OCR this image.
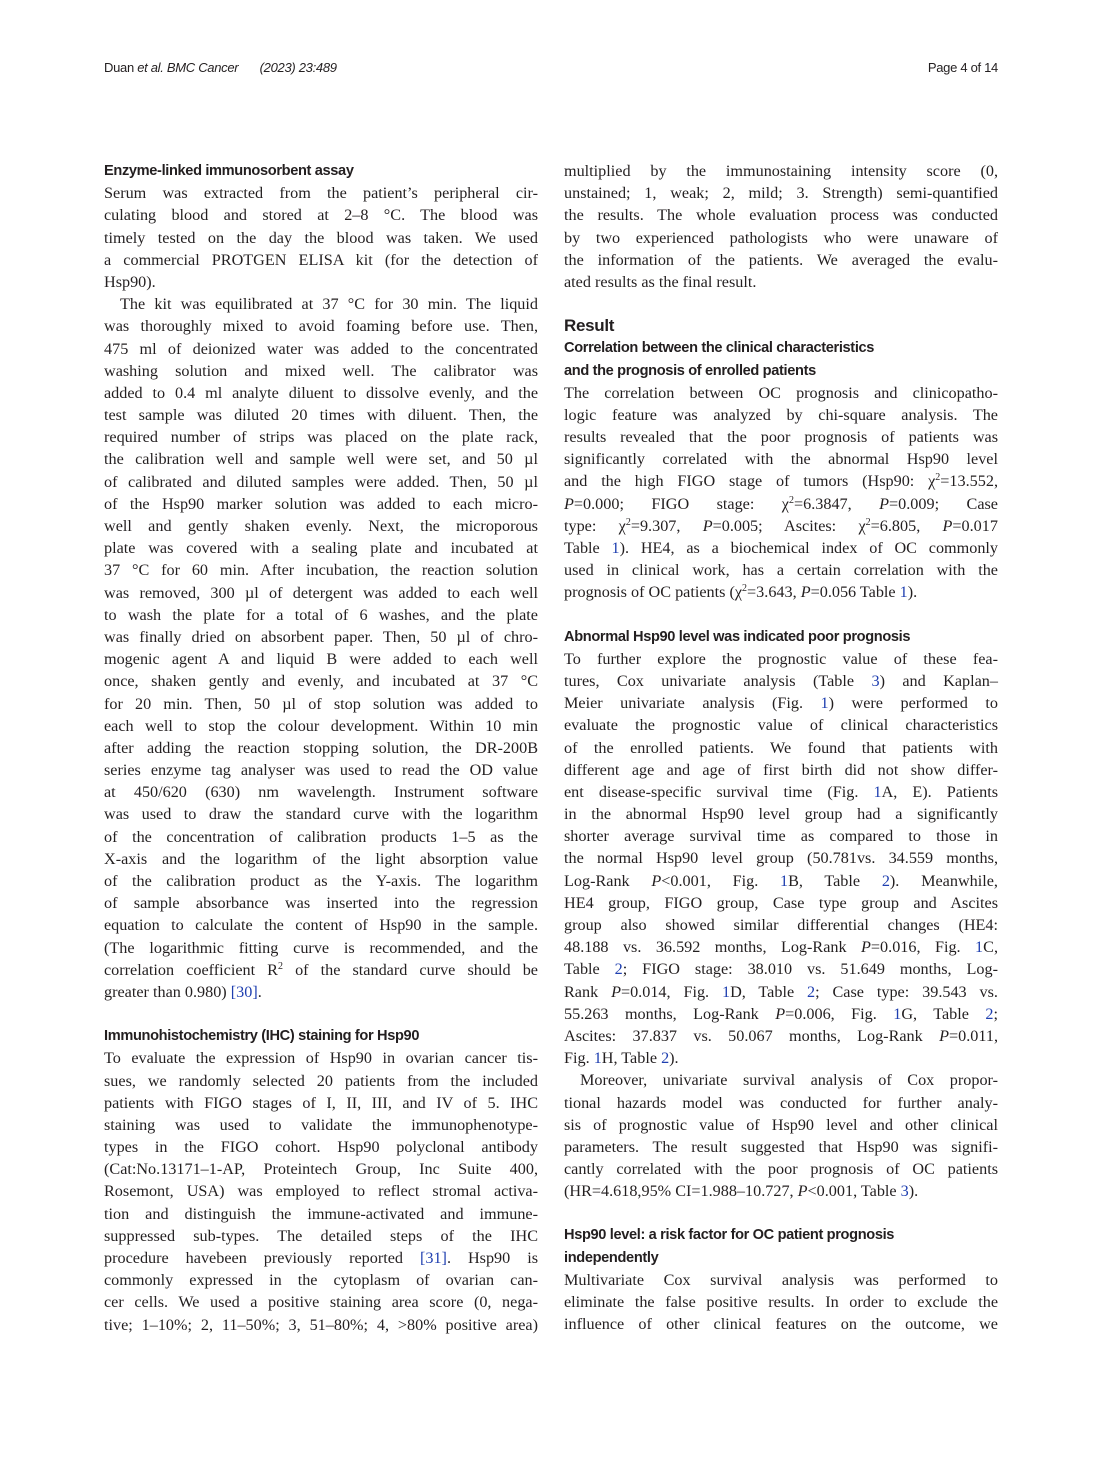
Duan et al. BMC Cancer (2023) 23:489	Page 4 of 14
Enzyme-linked immunosorbent assay
Serum was extracted from the patient’s peripheral cir-
culating blood and stored at 2–8 °C. The blood was
timely tested on the day the blood was taken. We used
a commercial PROTGEN ELISA kit (for the detection of
Hsp90).
The kit was equilibrated at 37 °C for 30 min. The liquid
was thoroughly mixed to avoid foaming before use. Then,
475 ml of deionized water was added to the concentrated
washing solution and mixed well. The calibrator was
added to 0.4 ml analyte diluent to dissolve evenly, and the
test sample was diluted 20 times with diluent. Then, the
required number of strips was placed on the plate rack,
the calibration well and sample well were set, and 50 µl
of calibrated and diluted samples were added. Then, 50 µl
of the Hsp90 marker solution was added to each micro-
well and gently shaken evenly. Next, the microporous
plate was covered with a sealing plate and incubated at
37 °C for 60 min. After incubation, the reaction solution
was removed, 300 µl of detergent was added to each well
to wash the plate for a total of 6 washes, and the plate
was finally dried on absorbent paper. Then, 50 µl of chro-
mogenic agent A and liquid B were added to each well
once, shaken gently and evenly, and incubated at 37 °C
for 20 min. Then, 50 µl of stop solution was added to
each well to stop the colour development. Within 10 min
after adding the reaction stopping solution, the DR-200B
series enzyme tag analyser was used to read the OD value
at 450/620 (630) nm wavelength. Instrument software
was used to draw the standard curve with the logarithm
of the concentration of calibration products 1–5 as the
X-axis and the logarithm of the light absorption value
of the calibration product as the Y-axis. The logarithm
of sample absorbance was inserted into the regression
equation to calculate the content of Hsp90 in the sample.
(The logarithmic fitting curve is recommended, and the
correlation coefficient $R^2$ of the standard curve should be
greater than 0.980) [30].
Immunohistochemistry (IHC) staining for Hsp90
To evaluate the expression of Hsp90 in ovarian cancer tis-
sues, we randomly selected 20 patients from the included
patients with FIGO stages of I, II, III, and IV of 5. IHC
staining was used to validate the immunophenotype-
types in the FIGO cohort. Hsp90 polyclonal antibody
(Cat:No.13171–1-AP, Proteintech Group, Inc Suite 400,
Rosemont, USA) was employed to reflect stromal activa-
tion and distinguish the immune-activated and immune-
suppressed sub-types. The detailed steps of the IHC
procedure havebeen previously reported [31]. Hsp90 is
commonly expressed in the cytoplasm of ovarian can-
cer cells. We used a positive staining area score (0, nega-
tive; 1–10%; 2, 11–50%; 3, 51–80%; 4, >80% positive area)
multiplied by the immunostaining intensity score (0,
unstained; 1, weak; 2, mild; 3. Strength) semi-quantified
the results. The whole evaluation process was conducted
by two experienced pathologists who were unaware of
the information of the patients. We averaged the evalu-
ated results as the final result.
Result
Correlation between the clinical characteristics
and the prognosis of enrolled patients
The correlation between OC prognosis and clinicopatho-
logic feature was analyzed by chi-square analysis. The
results revealed that the poor prognosis of patients was
significantly correlated with the abnormal Hsp90 level
and the high FIGO stage of tumors (Hsp90: $\chi^2=13.552$,
P=0.000;  FIGO  stage:  $\chi^2=6.3847$,  P=0.009;  Case
type: $\chi^2=9.307$, P=0.005; Ascites: $\chi^2=6.805$, P=0.017
Table 1). HE4, as a biochemical index of OC commonly
used in clinical work, has a certain correlation with the
prognosis of OC patients ($\chi^2=3.643$, P=0.056 Table 1).
Abnormal Hsp90 level was indicated poor prognosis
To further explore the prognostic value of these fea-
tures, Cox univariate analysis (Table 3) and Kaplan–
Meier univariate analysis (Fig. 1) were performed to
evaluate the prognostic value of clinical characteristics
of the enrolled patients. We found that patients with
different age and age of first birth did not show differ-
ent disease-specific survival time (Fig. 1A, E). Patients
in the abnormal Hsp90 level group had a significantly
shorter average survival time as compared to those in
the normal Hsp90 level group (50.781vs. 34.559 months,
Log-Rank P<0.001, Fig. 1B, Table 2). Meanwhile,
HE4 group, FIGO group, Case type group and Ascites
group also showed similar differential changes (HE4:
48.188 vs. 36.592 months, Log-Rank P=0.016, Fig. 1C,
Table 2; FIGO stage: 38.010 vs. 51.649 months, Log-
Rank P=0.014, Fig. 1D, Table 2; Case type: 39.543 vs.
55.263 months, Log-Rank P=0.006, Fig. 1G, Table 2;
Ascites: 37.837 vs. 50.067 months, Log-Rank P=0.011,
Fig. 1H, Table 2).
Moreover, univariate survival analysis of Cox propor-
tional hazards model was conducted for further analy-
sis of prognostic value of Hsp90 level and other clinical
parameters. The result suggested that Hsp90 was signifi-
cantly correlated with the poor prognosis of OC patients
(HR=4.618,95% CI=1.988–10.727, P<0.001, Table 3).
Hsp90 level: a risk factor for OC patient prognosis
independently
Multivariate Cox survival analysis was performed to
eliminate the false positive results. In order to exclude the
influence of other clinical features on the outcome, we
